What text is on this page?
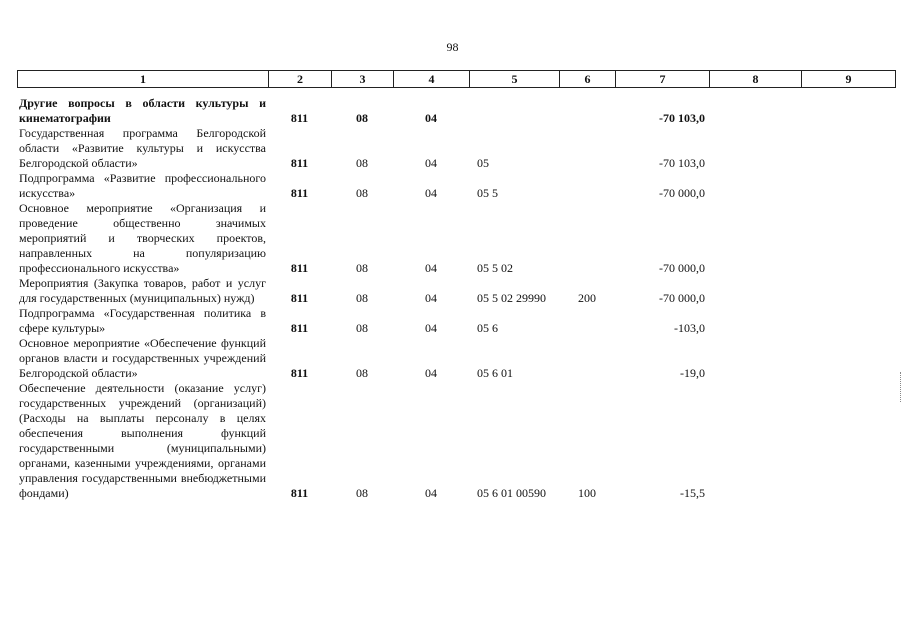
98
1	2	3	4	5	6	7	8	9
Другие вопросы в области культуры и кинематографии	811	08	04			-70 103,0		
Государственная программа Белгородской области «Развитие культуры и искусства Белгородской области»	811	08	04	05		-70 103,0		
Подпрограмма «Развитие профессионального искусства»	811	08	04	05 5		-70 000,0		
Основное мероприятие «Организация и проведение общественно значимых мероприятий и творческих проектов, направленных на популяризацию профессионального искусства»	811	08	04	05 5 02		-70 000,0		
Мероприятия (Закупка товаров, работ и услуг для государственных (муниципальных) нужд)	811	08	04	05 5 02 29990	200	-70 000,0		
Подпрограмма «Государственная политика в сфере культуры»	811	08	04	05 6		-103,0		
Основное мероприятие «Обеспечение функций органов власти и государственных учреждений Белгородской области»	811	08	04	05 6 01		-19,0		
Обеспечение деятельности (оказание услуг) государственных учреждений (организаций) (Расходы на выплаты персоналу в целях обеспечения выполнения функций государственными (муниципальными) органами, казенными учреждениями, органами управления государственными внебюджетными фондами)	811	08	04	05 6 01 00590	100	-15,5		
